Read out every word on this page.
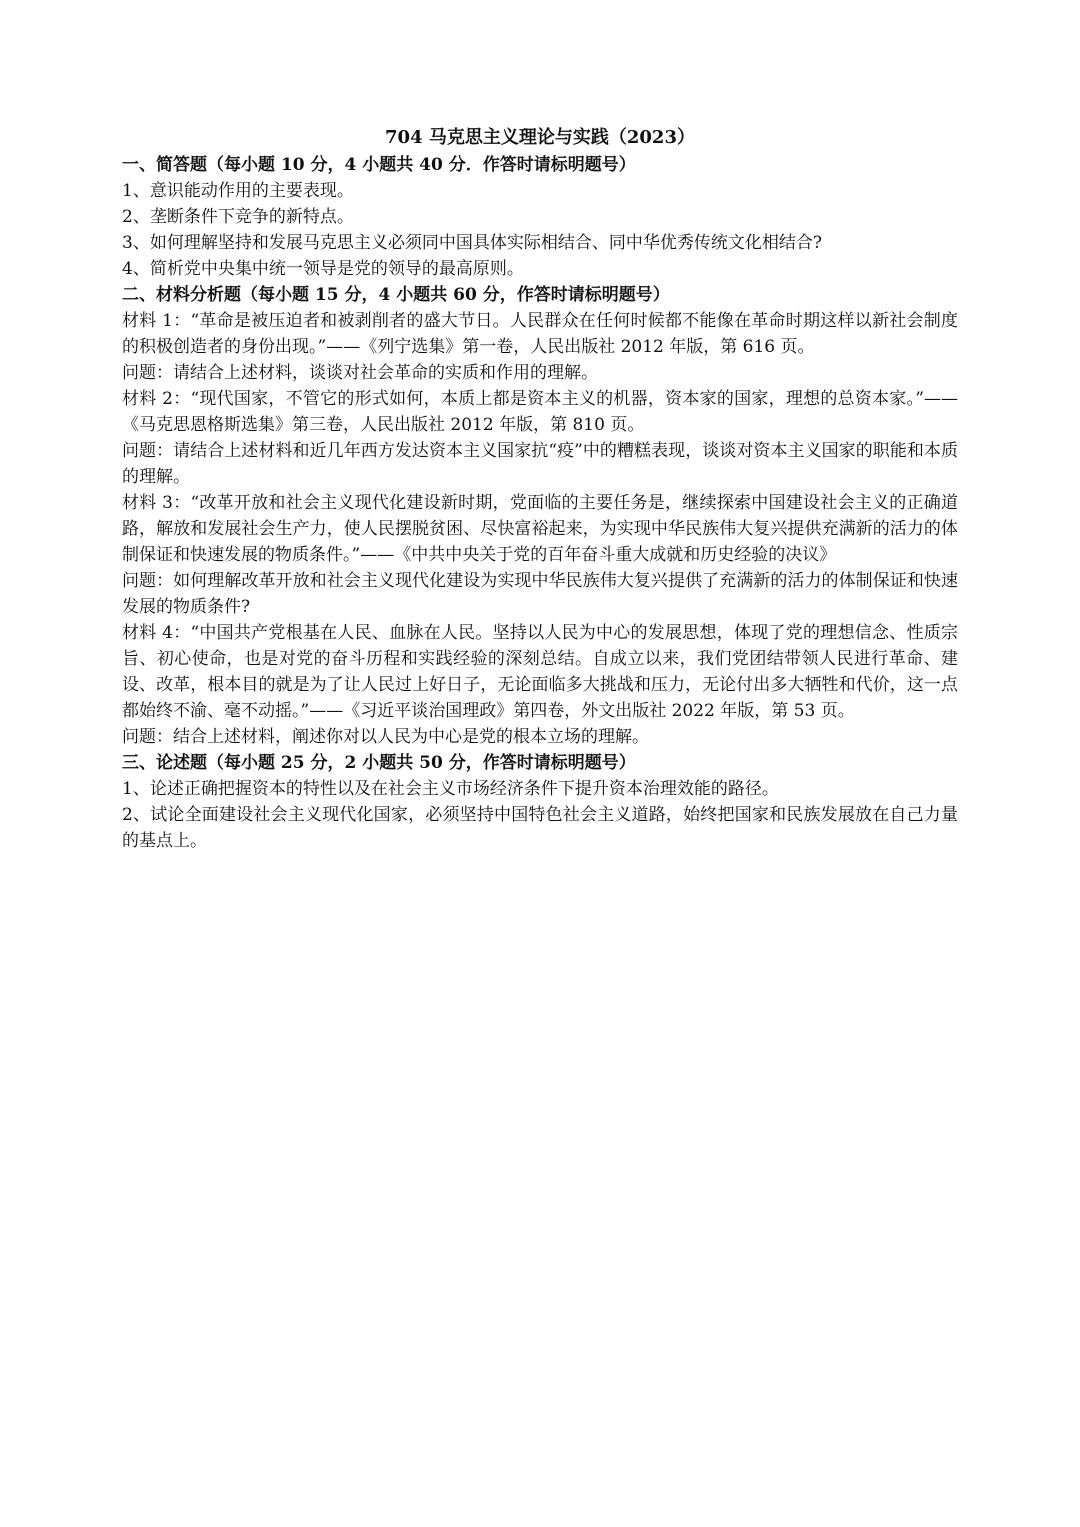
704 马克思主义理论与实践（2023）

一、简答题（每小题 10 分，4 小题共 40 分．作答时请标明题号）

1、意识能动作用的主要表现。

2、垄断条件下竞争的新特点。

3、如何理解坚持和发展马克思主义必须同中国具体实际相结合、同中华优秀传统文化相结合?

4、简析党中央集中统一领导是党的领导的最高原则。

二、材料分析题（每小题 15 分，4 小题共 60 分，作答时请标明题号）

材料 1：“革命是被压迫者和被剥削者的盛大节日。人民群众在任何时候都不能像在革命时期这样以新社会制度的积极创造者的身份出现。”——《列宁选集》第一卷，人民出版社 2012 年版，第 616 页。

问题：请结合上述材料，谈谈对社会革命的实质和作用的理解。

材料 2：“现代国家，不管它的形式如何，本质上都是资本主义的机器，资本家的国家，理想的总资本家。”——《马克思恩格斯选集》第三卷，人民出版社 2012 年版，第 810 页。

问题：请结合上述材料和近几年西方发达资本主义国家抗“疫”中的糟糕表现，谈谈对资本主义国家的职能和本质的理解。

材料 3：“改革开放和社会主义现代化建设新时期，党面临的主要任务是，继续探索中国建设社会主义的正确道路，解放和发展社会生产力，使人民摆脱贫困、尽快富裕起来，为实现中华民族伟大复兴提供充满新的活力的体制保证和快速发展的物质条件。”——《中共中央关于党的百年奋斗重大成就和历史经验的决议》

问题：如何理解改革开放和社会主义现代化建设为实现中华民族伟大复兴提供了充满新的活力的体制保证和快速发展的物质条件?

材料 4：“中国共产党根基在人民、血脉在人民。坚持以人民为中心的发展思想，体现了党的理想信念、性质宗旨、初心使命，也是对党的奋斗历程和实践经验的深刻总结。自成立以来，我们党团结带领人民进行革命、建设、改革，根本目的就是为了让人民过上好日子，无论面临多大挑战和压力，无论付出多大牺牲和代价，这一点都始终不渝、毫不动摇。”——《习近平谈治国理政》第四卷，外文出版社 2022 年版，第 53 页。

问题：结合上述材料，阐述你对以人民为中心是党的根本立场的理解。

三、论述题（每小题 25 分，2 小题共 50 分，作答时请标明题号）

1、论述正确把握资本的特性以及在社会主义市场经济条件下提升资本治理效能的路径。

2、试论全面建设社会主义现代化国家，必须坚持中国特色社会主义道路，始终把国家和民族发展放在自己力量的基点上。
